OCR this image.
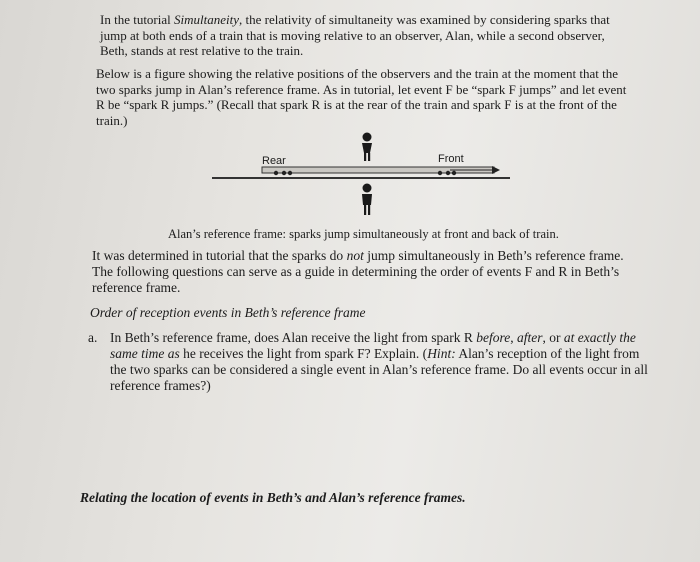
In the tutorial Simultaneity, the relativity of simultaneity was examined by considering sparks that jump at both ends of a train that is moving relative to an observer, Alan, while a second observer, Beth, stands at rest relative to the train.

Below is a figure showing the relative positions of the observers and the train at the moment that the two sparks jump in Alan’s reference frame. As in tutorial, let event F be “spark F jumps” and let event R be “spark R jumps.” (Recall that spark R is at the rear of the train and spark F is at the front of the train.)

Rear	Front

Alan’s reference frame: sparks jump simultaneously at front and back of train.

It was determined in tutorial that the sparks do not jump simultaneously in Beth’s reference frame. The following questions can serve as a guide in determining the order of events F and R in Beth’s reference frame.

Order of reception events in Beth’s reference frame

a. In Beth’s reference frame, does Alan receive the light from spark R before, after, or at exactly the same time as he receives the light from spark F? Explain. (Hint: Alan’s reception of the light from the two sparks can be considered a single event in Alan’s reference frame. Do all events occur in all reference frames?)

Relating the location of events in Beth’s and Alan’s reference frames.
